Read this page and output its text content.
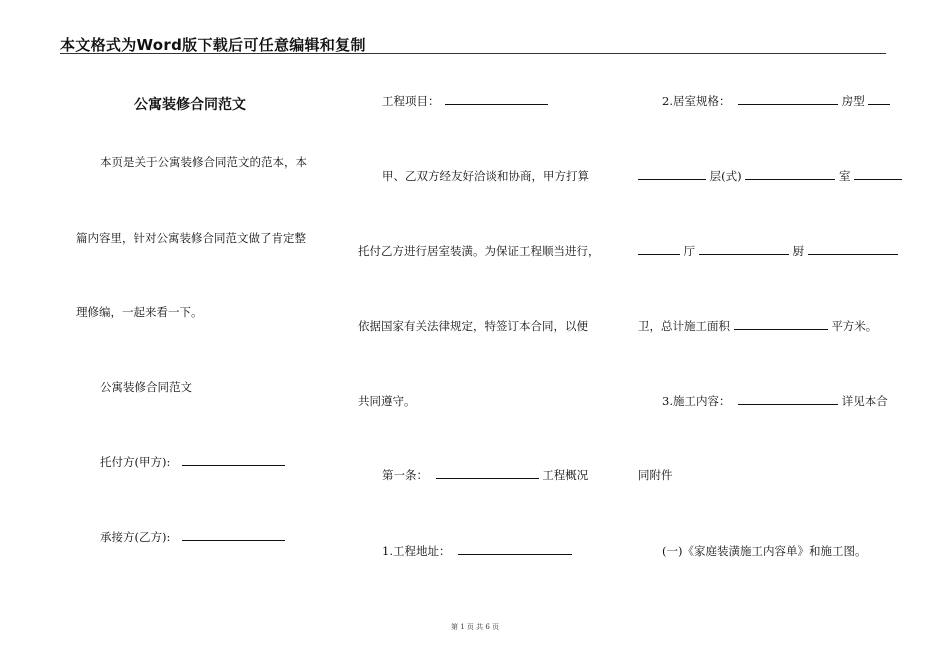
本文格式为Word版下载后可任意编辑和复制
公寓装修合同范文
本页是关于公寓装修合同范文的范本，本
篇内容里，针对公寓装修合同范文做了肯定整
理修编，一起来看一下。
公寓装修合同范文
托付方(甲方):
承接方(乙方):
工程项目：
甲、乙双方经友好洽谈和协商，甲方打算
托付乙方进行居室装潢。为保证工程顺当进行，
依据国家有关法律规定，特签订本合同，以便
共同遵守。
第一条：	工程概况
1.工程地址：
2.居室规格：	房型
层(式)	室
厅	厨
卫，总计施工面积	平方米。
3.施工内容：	详见本合
同附件
(一)《家庭装潢施工内容单》和施工图。
第 1 页 共 6 页
